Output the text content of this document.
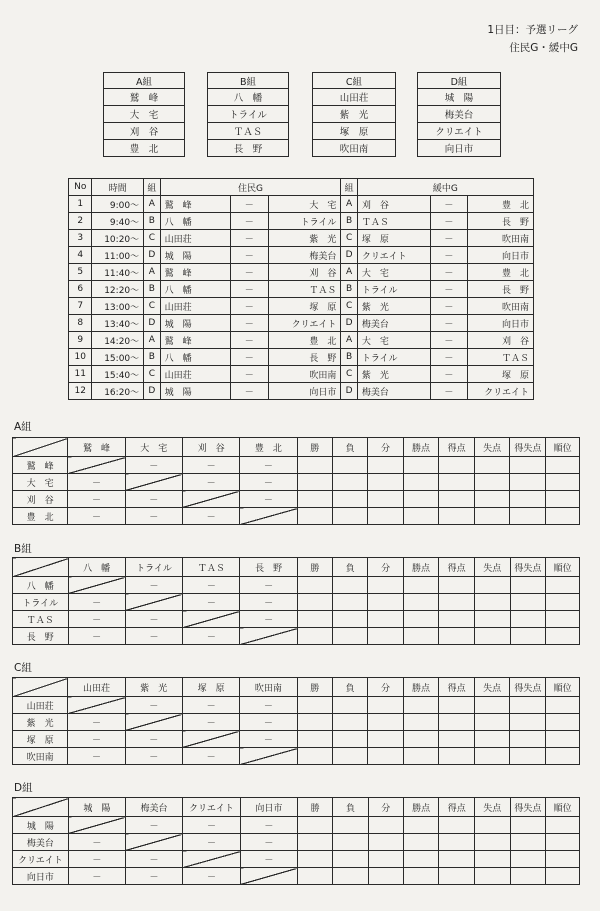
1日目：予選リーグ
住民G・緩中G
A組
鷲　峰
大　宅
刈　谷
豊　北
B組
八　幡
トライル
ＴＡＳ
長　野
C組
山田荘
紫　光
塚　原
吹田南
D組
城　陽
梅美台
クリエイト
向日市
No	時間	組	住民G			組	緩中G		
1	9:00～	A	鷲　峰	－	大　宅	A	刈　谷	－	豊　北
2	9:40～	B	八　幡	－	トライル	B	ＴＡＳ	－	長　野
3	10:20～	C	山田荘	－	紫　光	C	塚　原	－	吹田南
4	11:00～	D	城　陽	－	梅美台	D	クリエイト	－	向日市
5	11:40～	A	鷲　峰	－	刈　谷	A	大　宅	－	豊　北
6	12:20～	B	八　幡	－	ＴＡＳ	B	トライル	－	長　野
7	13:00～	C	山田荘	－	塚　原	C	紫　光	－	吹田南
8	13:40～	D	城　陽	－	クリエイト	D	梅美台	－	向日市
9	14:20～	A	鷲　峰	－	豊　北	A	大　宅	－	刈　谷
10	15:00～	B	八　幡	－	長　野	B	トライル	－	ＴＡＳ
11	15:40～	C	山田荘	－	吹田南	C	紫　光	－	塚　原
12	16:20～	D	城　陽	－	向日市	D	梅美台	－	クリエイト
A組
B組
C組
D組
	鷲　峰	大　宅	刈　谷	豊　北	勝	負	分	勝点	得点	失点	得失点	順位
鷲　峰		－	－	－								
大　宅	－		－	－								
刈　谷	－	－		－								
豊　北	－	－	－									
	八　幡	トライル	ＴＡＳ	長　野	勝	負	分	勝点	得点	失点	得失点	順位
八　幡		－	－	－								
トライル	－		－	－								
ＴＡＳ	－	－		－								
長　野	－	－	－									
	山田荘	紫　光	塚　原	吹田南	勝	負	分	勝点	得点	失点	得失点	順位
山田荘		－	－	－								
紫　光	－		－	－								
塚　原	－	－		－								
吹田南	－	－	－									
	城　陽	梅美台	クリエイト	向日市	勝	負	分	勝点	得点	失点	得失点	順位
城　陽		－	－	－								
梅美台	－		－	－								
クリエイト	－	－		－								
向日市	－	－	－									
